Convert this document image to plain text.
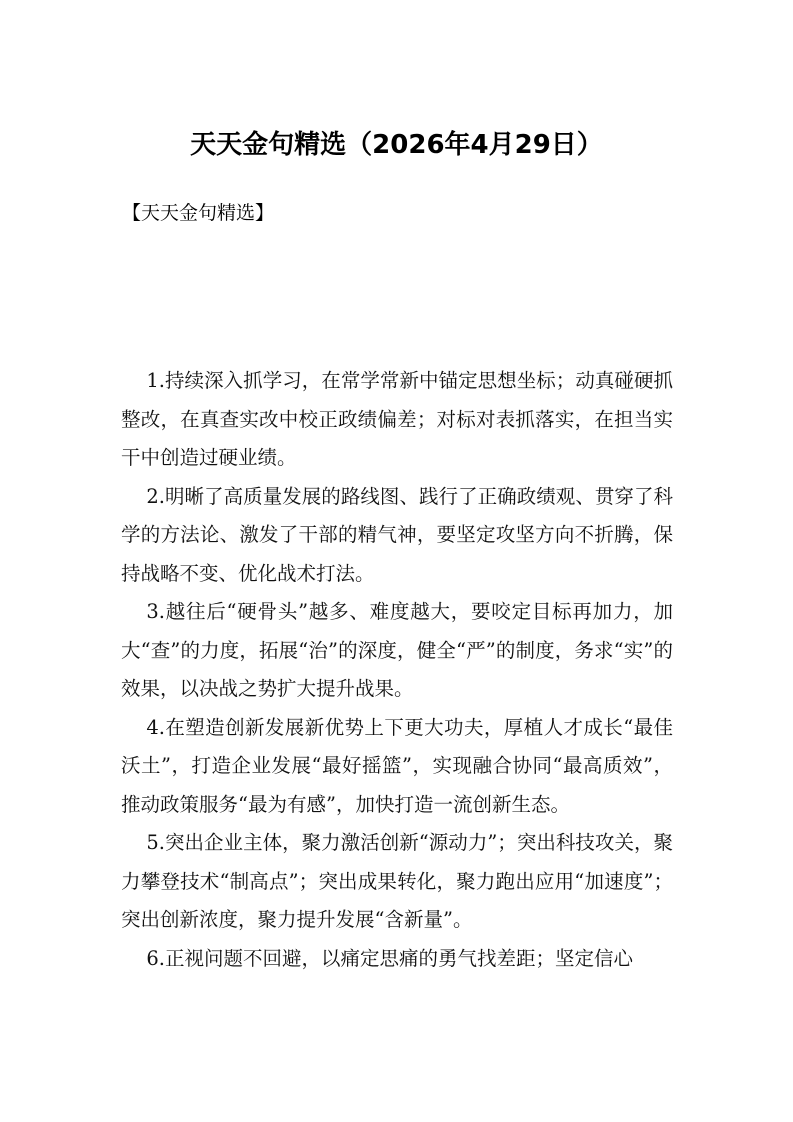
天天金句精选（2026年4月29日）

【天天金句精选】

1.持续深入抓学习，在常学常新中锚定思想坐标；动真碰硬抓整改，在真查实改中校正政绩偏差；对标对表抓落实，在担当实干中创造过硬业绩。

2.明晰了高质量发展的路线图、践行了正确政绩观、贯穿了科学的方法论、激发了干部的精气神，要坚定攻坚方向不折腾，保持战略不变、优化战术打法。

3.越往后“硬骨头”越多、难度越大，要咬定目标再加力，加大“查”的力度，拓展“治”的深度，健全“严”的制度，务求“实”的效果，以决战之势扩大提升战果。

4.在塑造创新发展新优势上下更大功夫，厚植人才成长“最佳沃土”，打造企业发展“最好摇篮”，实现融合协同“最高质效”，推动政策服务“最为有感”，加快打造一流创新生态。

5.突出企业主体，聚力激活创新“源动力”；突出科技攻关，聚力攀登技术“制高点”；突出成果转化，聚力跑出应用“加速度”；突出创新浓度，聚力提升发展“含新量”。

6.正视问题不回避，以痛定思痛的勇气找差距；坚定信心
